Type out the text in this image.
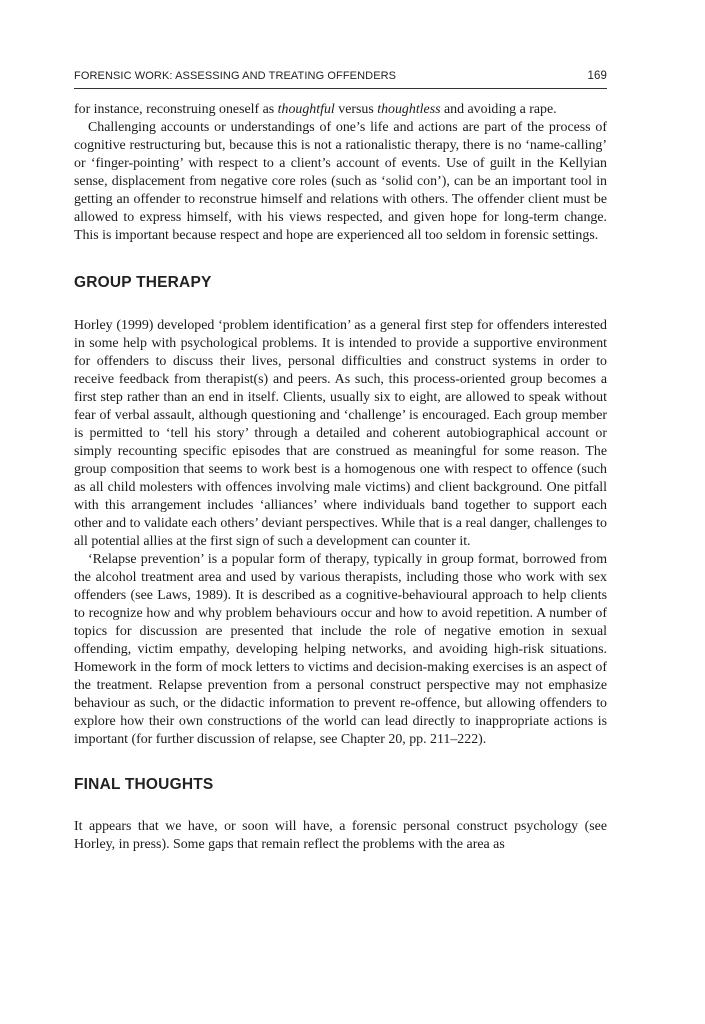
FORENSIC WORK: ASSESSING AND TREATING OFFENDERS	169

for instance, reconstruing oneself as thoughtful versus thoughtless and avoiding a rape.

Challenging accounts or understandings of one’s life and actions are part of the process of cognitive restructuring but, because this is not a rationalistic therapy, there is no ‘name-calling’ or ‘finger-pointing’ with respect to a client’s account of events. Use of guilt in the Kellyian sense, displacement from negative core roles (such as ‘solid con’), can be an important tool in getting an offender to reconstrue himself and relations with others. The offender client must be allowed to express himself, with his views respected, and given hope for long-term change. This is important because respect and hope are experienced all too seldom in forensic settings.

GROUP THERAPY

Horley (1999) developed ‘problem identification’ as a general first step for offenders interested in some help with psychological problems. It is intended to provide a supportive environment for offenders to discuss their lives, personal difficulties and construct systems in order to receive feedback from therapist(s) and peers. As such, this process-oriented group becomes a first step rather than an end in itself. Clients, usually six to eight, are allowed to speak without fear of verbal assault, although questioning and ‘challenge’ is encouraged. Each group member is permitted to ‘tell his story’ through a detailed and coherent autobiographical account or simply recounting specific episodes that are construed as meaningful for some reason. The group composition that seems to work best is a homogenous one with respect to offence (such as all child molesters with offences involving male victims) and client background. One pitfall with this arrangement includes ‘alliances’ where individuals band together to support each other and to validate each others’ deviant perspectives. While that is a real danger, challenges to all potential allies at the first sign of such a development can counter it.

‘Relapse prevention’ is a popular form of therapy, typically in group format, borrowed from the alcohol treatment area and used by various therapists, including those who work with sex offenders (see Laws, 1989). It is described as a cognitive-behavioural approach to help clients to recognize how and why problem behaviours occur and how to avoid repetition. A number of topics for discussion are presented that include the role of negative emotion in sexual offending, victim empathy, developing helping networks, and avoiding high-risk situations. Homework in the form of mock letters to victims and decision-making exercises is an aspect of the treatment. Relapse prevention from a personal construct perspective may not emphasize behaviour as such, or the didactic information to prevent re-offence, but allowing offenders to explore how their own constructions of the world can lead directly to inappropriate actions is important (for further discussion of relapse, see Chapter 20, pp. 211–222).

FINAL THOUGHTS

It appears that we have, or soon will have, a forensic personal construct psychology (see Horley, in press). Some gaps that remain reflect the problems with the area as
